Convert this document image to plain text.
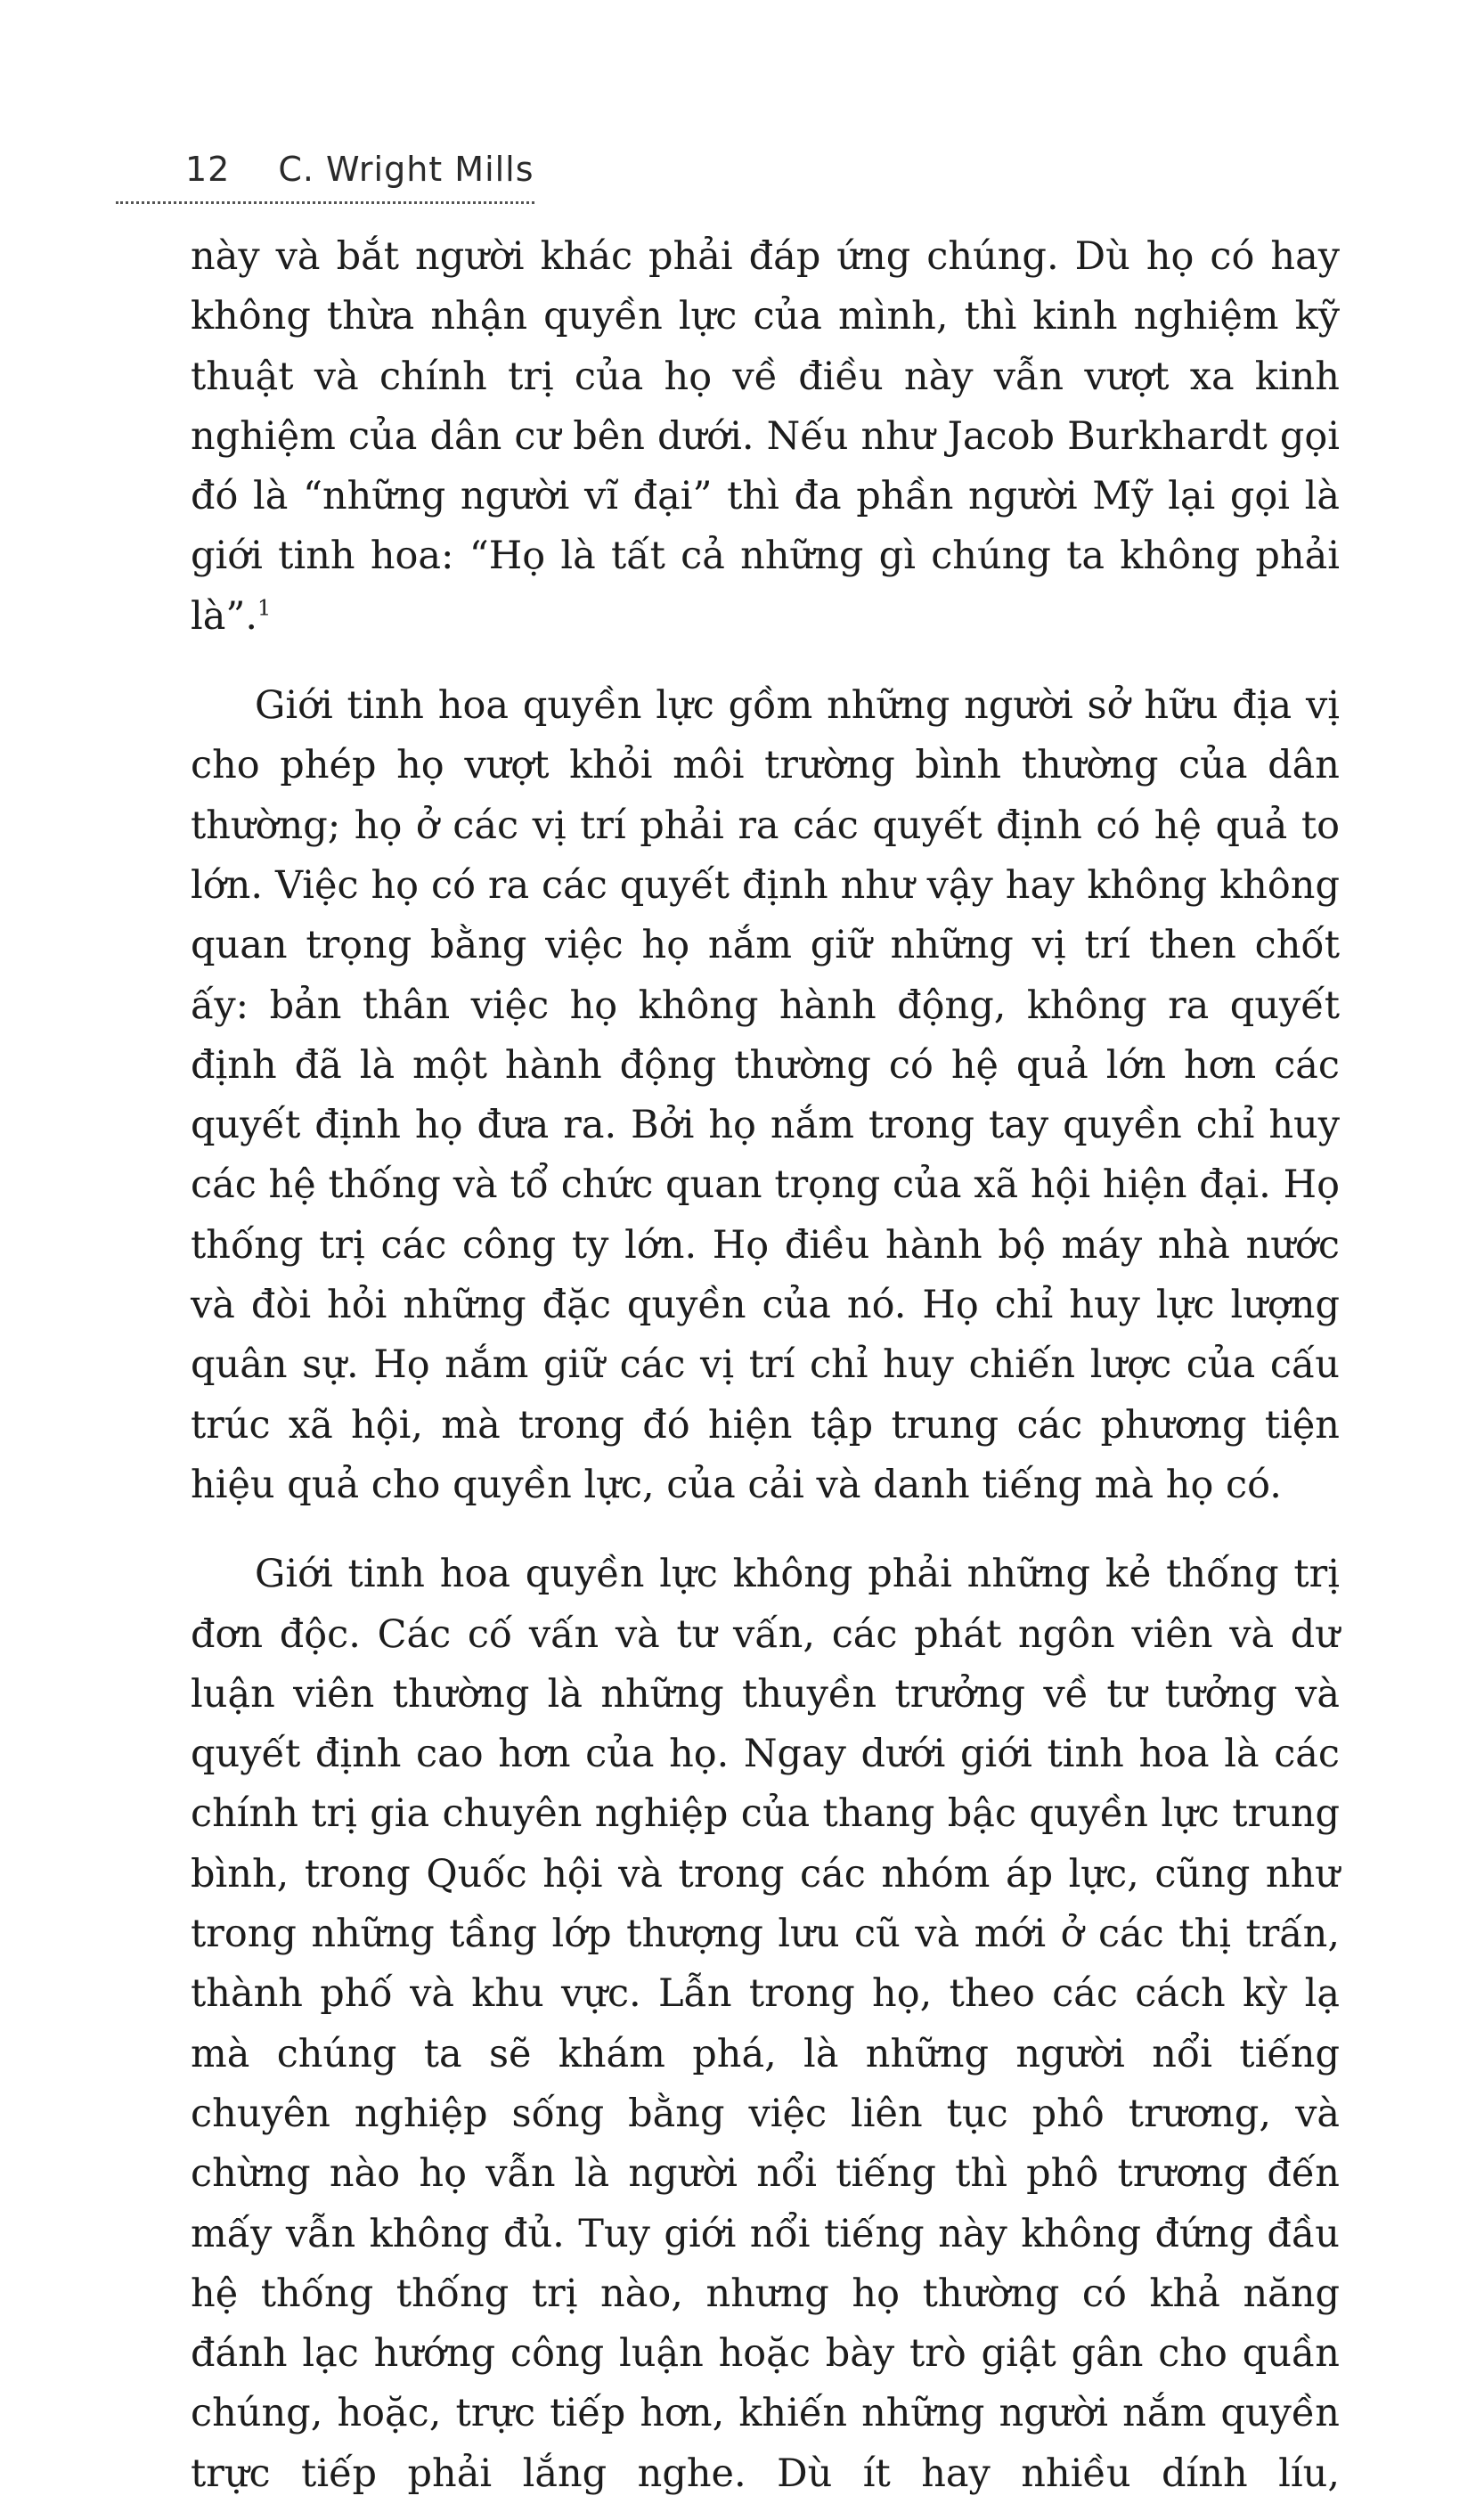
12 C. Wright Mills

này và bắt người khác phải đáp ứng chúng. Dù họ có hay không thừa nhận quyền lực của mình, thì kinh nghiệm kỹ thuật và chính trị của họ về điều này vẫn vượt xa kinh nghiệm của dân cư bên dưới. Nếu như Jacob Burkhardt gọi đó là “những người vĩ đại” thì đa phần người Mỹ lại gọi là giới tinh hoa: “Họ là tất cả những gì chúng ta không phải là”.$^1$

Giới tinh hoa quyền lực gồm những người sở hữu địa vị cho phép họ vượt khỏi môi trường bình thường của dân thường; họ ở các vị trí phải ra các quyết định có hệ quả to lớn. Việc họ có ra các quyết định như vậy hay không không quan trọng bằng việc họ nắm giữ những vị trí then chốt ấy: bản thân việc họ không hành động, không ra quyết định đã là một hành động thường có hệ quả lớn hơn các quyết định họ đưa ra. Bởi họ nắm trong tay quyền chỉ huy các hệ thống và tổ chức quan trọng của xã hội hiện đại. Họ thống trị các công ty lớn. Họ điều hành bộ máy nhà nước và đòi hỏi những đặc quyền của nó. Họ chỉ huy lực lượng quân sự. Họ nắm giữ các vị trí chỉ huy chiến lược của cấu trúc xã hội, mà trong đó hiện tập trung các phương tiện hiệu quả cho quyền lực, của cải và danh tiếng mà họ có.

Giới tinh hoa quyền lực không phải những kẻ thống trị đơn độc. Các cố vấn và tư vấn, các phát ngôn viên và dư luận viên thường là những thuyền trưởng về tư tưởng và quyết định cao hơn của họ. Ngay dưới giới tinh hoa là các chính trị gia chuyên nghiệp của thang bậc quyền lực trung bình, trong Quốc hội và trong các nhóm áp lực, cũng như trong những tầng lớp thượng lưu cũ và mới ở các thị trấn, thành phố và khu vực. Lẫn trong họ, theo các cách kỳ lạ mà chúng ta sẽ khám phá, là những người nổi tiếng chuyên nghiệp sống bằng việc liên tục phô trương, và chừng nào họ vẫn là người nổi tiếng thì phô trương đến mấy vẫn không đủ. Tuy giới nổi tiếng này không đứng đầu hệ thống thống trị nào, nhưng họ thường có khả năng đánh lạc hướng công luận hoặc bày trò giật gân cho quần chúng, hoặc, trực tiếp hơn, khiến những người nắm quyền trực tiếp phải lắng nghe. Dù ít hay nhiều dính líu,
